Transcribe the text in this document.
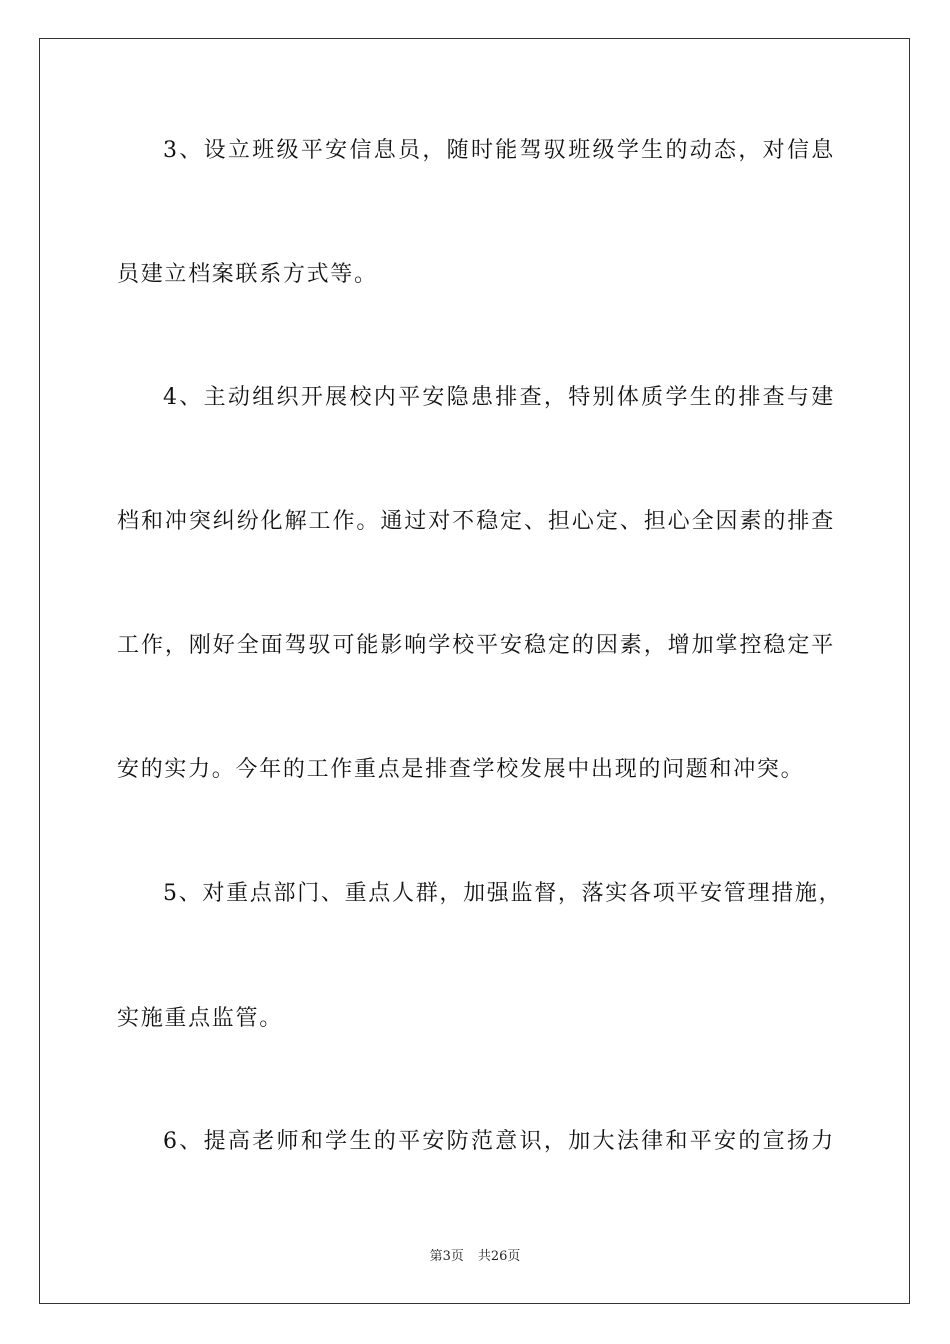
3、设立班级平安信息员，随时能驾驭班级学生的动态，对信息
员建立档案联系方式等。
4、主动组织开展校内平安隐患排查，特别体质学生的排查与建
档和冲突纠纷化解工作。通过对不稳定、担心定、担心全因素的排查
工作，刚好全面驾驭可能影响学校平安稳定的因素，增加掌控稳定平
安的实力。今年的工作重点是排查学校发展中出现的问题和冲突。
5、对重点部门、重点人群，加强监督，落实各项平安管理措施，
实施重点监管。
6、提高老师和学生的平安防范意识，加大法律和平安的宣扬力
第3页 共26页
